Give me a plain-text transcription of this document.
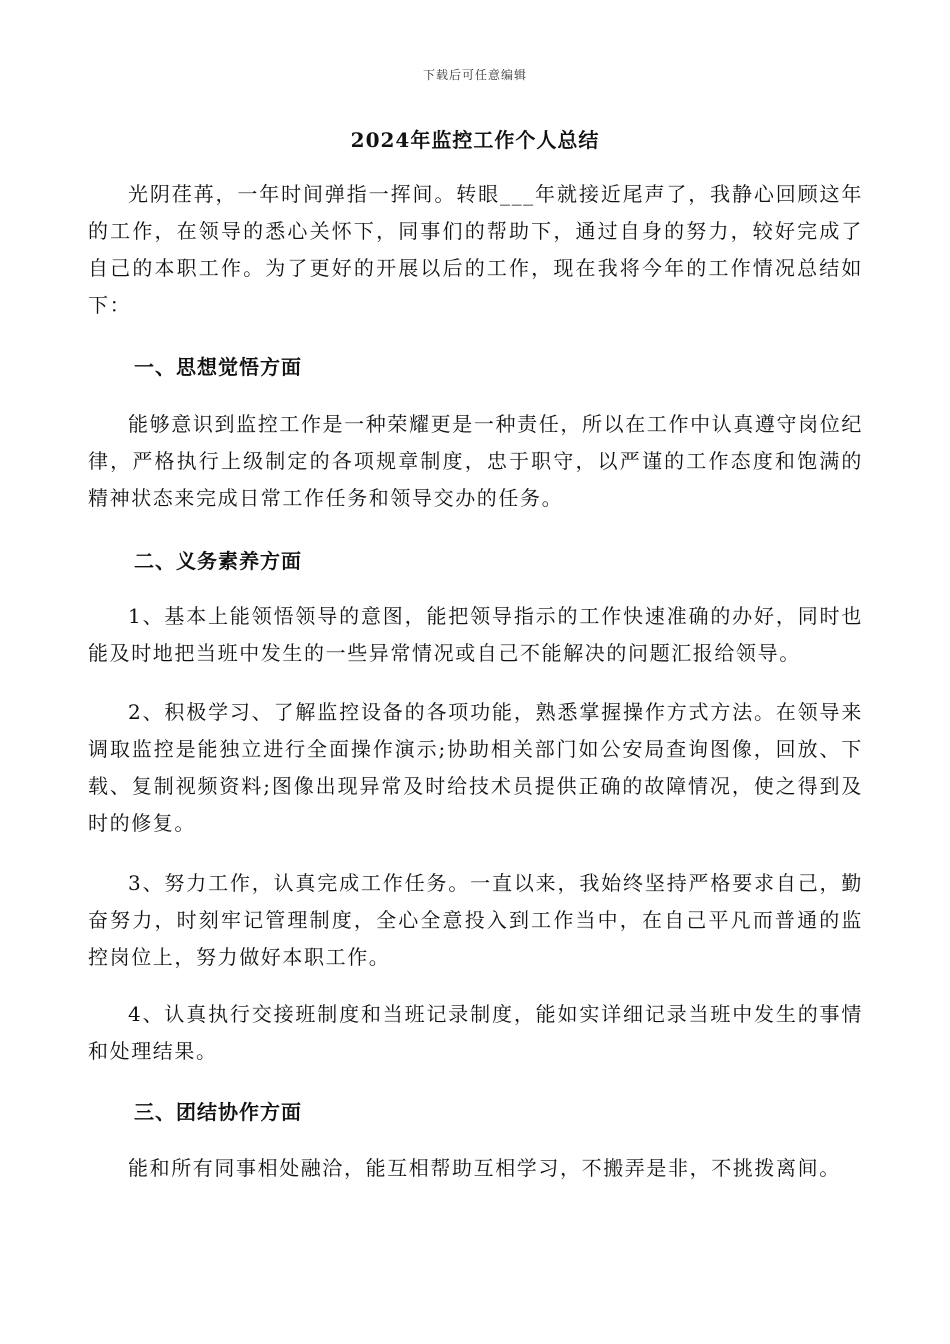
下载后可任意编辑
2024年监控工作个人总结

光阴荏苒，一年时间弹指一挥间。转眼___年就接近尾声了，我静心回顾这年的工作，在领导的悉心关怀下，同事们的帮助下，通过自身的努力，较好完成了自己的本职工作。为了更好的开展以后的工作，现在我将今年的工作情况总结如下：

一、思想觉悟方面

能够意识到监控工作是一种荣耀更是一种责任，所以在工作中认真遵守岗位纪律，严格执行上级制定的各项规章制度，忠于职守，以严谨的工作态度和饱满的精神状态来完成日常工作任务和领导交办的任务。

二、义务素养方面

1、基本上能领悟领导的意图，能把领导指示的工作快速准确的办好，同时也能及时地把当班中发生的一些异常情况或自己不能解决的问题汇报给领导。

2、积极学习、了解监控设备的各项功能，熟悉掌握操作方式方法。在领导来调取监控是能独立进行全面操作演示;协助相关部门如公安局查询图像，回放、下载、复制视频资料;图像出现异常及时给技术员提供正确的故障情况，使之得到及时的修复。

3、努力工作，认真完成工作任务。一直以来，我始终坚持严格要求自己，勤奋努力，时刻牢记管理制度，全心全意投入到工作当中，在自己平凡而普通的监控岗位上，努力做好本职工作。

4、认真执行交接班制度和当班记录制度，能如实详细记录当班中发生的事情和处理结果。

三、团结协作方面

能和所有同事相处融洽，能互相帮助互相学习，不搬弄是非，不挑拨离间。
